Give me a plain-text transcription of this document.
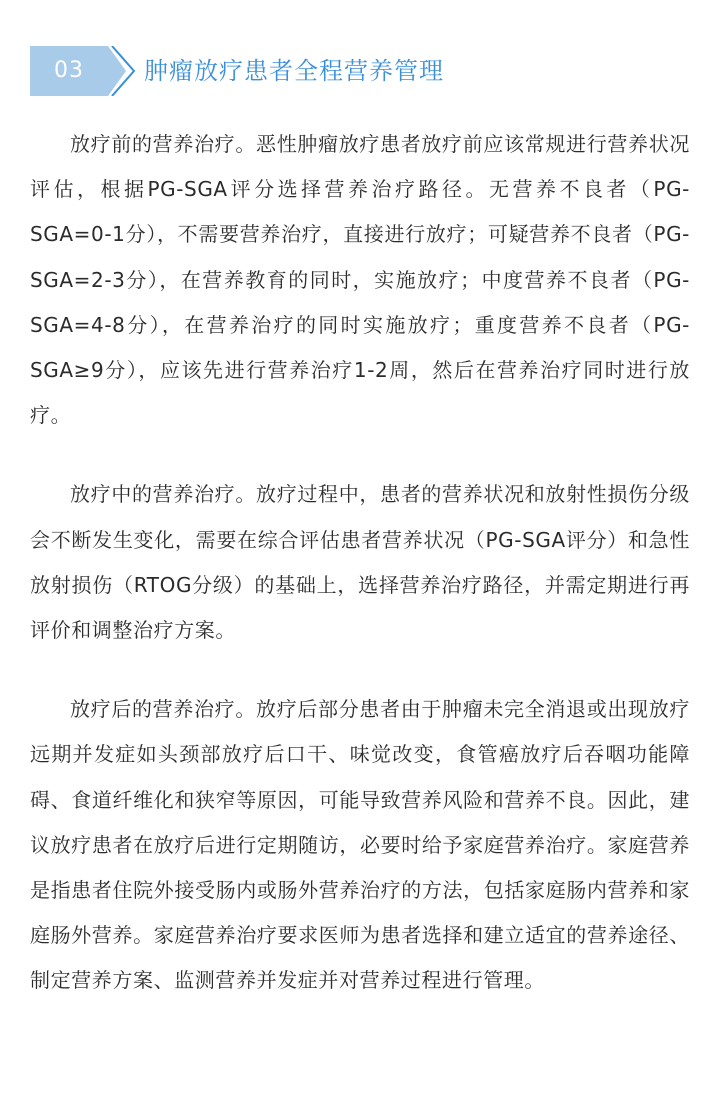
03	肿瘤放疗患者全程营养管理

放疗前的营养治疗。恶性肿瘤放疗患者放疗前应该常规进行营养状况评估，根据PG-SGA评分选择营养治疗路径。无营养不良者（PG-SGA=0-1分），不需要营养治疗，直接进行放疗；可疑营养不良者（PG-SGA=2-3分），在营养教育的同时，实施放疗；中度营养不良者（PG-SGA=4-8分），在营养治疗的同时实施放疗；重度营养不良者（PG-SGA≥9分），应该先进行营养治疗1-2周，然后在营养治疗同时进行放疗。

放疗中的营养治疗。放疗过程中，患者的营养状况和放射性损伤分级会不断发生变化，需要在综合评估患者营养状况（PG-SGA评分）和急性放射损伤（RTOG分级）的基础上，选择营养治疗路径，并需定期进行再评价和调整治疗方案。

放疗后的营养治疗。放疗后部分患者由于肿瘤未完全消退或出现放疗远期并发症如头颈部放疗后口干、味觉改变，食管癌放疗后吞咽功能障碍、食道纤维化和狭窄等原因，可能导致营养风险和营养不良。因此，建议放疗患者在放疗后进行定期随访，必要时给予家庭营养治疗。家庭营养是指患者住院外接受肠内或肠外营养治疗的方法，包括家庭肠内营养和家庭肠外营养。家庭营养治疗要求医师为患者选择和建立适宜的营养途径、制定营养方案、监测营养并发症并对营养过程进行管理。
